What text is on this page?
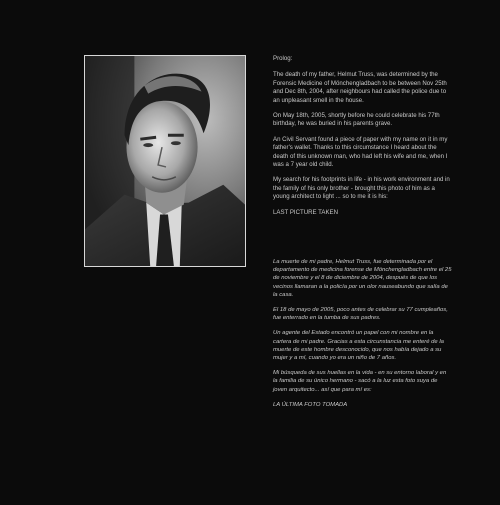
Prolog:

The death of my father, Helmut Truss, was determined by the Forensic Medicine of Mönchengladbach to be between Nov 25th and Dec 8th, 2004, after neighbours had called the police due to an unpleasant smell in the house.

On May 18th, 2005, shortly before he could celebrate his 77th birthday, he was buried in his parents grave.

An Civil Servant found a piece of paper with my name on it in my father's wallet. Thanks to this circumstance I heard about the death of this unknown man, who had left his wife and me, when I was a 7 year old child.

My search for his footprints in life - in his work environment and in the family of his only brother - brought this photo of him as a young architect to light ... so to me it is his:

LAST PICTURE TAKEN

La muerte de mi padre, Helmut Truss, fue determinada por el departamento de medicina forense de Mönchengladbach entre el 25 de noviembre y el 8 de diciembre de 2004, después de que los vecinos llamaran a la policía por un olor nauseabundo que salía de la casa.

El 18 de mayo de 2005, poco antes de celebrar su 77 cumpleaños, fue enterrado en la tumba de sus padres.

Un agente del Estado encontró un papel con mi nombre en la cartera de mi padre. Gracias a esta circunstancia me enteré de la muerte de este hombre desconocido, que nos había dejado a su mujer y a mí, cuando yo era un niño de 7 años.

Mi búsqueda de sus huellas en la vida - en su entorno laboral y en la familia de su único hermano - sacó a la luz esta foto suya de joven arquitecto... así que para mí es:

LA ÚLTIMA FOTO TOMADA
